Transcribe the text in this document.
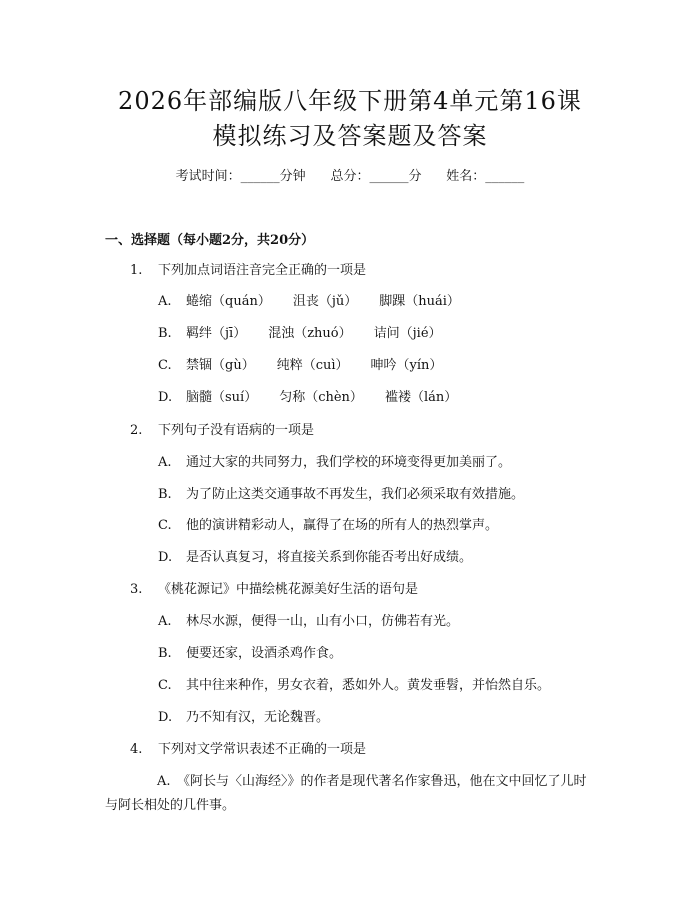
2026年部编版八年级下册第4单元第16课
模拟练习及答案题及答案
考试时间：______分钟 总分：______分 姓名：______
一、选择题（每小题2分，共20分）
1. 下列加点词语注音完全正确的一项是
A. 蜷缩（quán） 沮丧（jǔ） 脚踝（huái）
B. 羁绊（jī） 混浊（zhuó） 诘问（jié）
C. 禁锢（gù） 纯粹（cuì） 呻吟（yín）
D. 脑髓（suí） 匀称（chèn） 褴褛（lán）
2. 下列句子没有语病的一项是
A. 通过大家的共同努力，我们学校的环境变得更加美丽了。
B. 为了防止这类交通事故不再发生，我们必须采取有效措施。
C. 他的演讲精彩动人，赢得了在场的所有人的热烈掌声。
D. 是否认真复习，将直接关系到你能否考出好成绩。
3. 《桃花源记》中描绘桃花源美好生活的语句是
A. 林尽水源，便得一山，山有小口，仿佛若有光。
B. 便要还家，设酒杀鸡作食。
C. 其中往来种作，男女衣着，悉如外人。黄发垂髫，并怡然自乐。
D. 乃不知有汉，无论魏晋。
4. 下列对文学常识表述不正确的一项是
A.　《阿长与〈山海经〉》的作者是现代著名作家鲁迅，他在文中回忆了儿时与阿长相处的几件事。
